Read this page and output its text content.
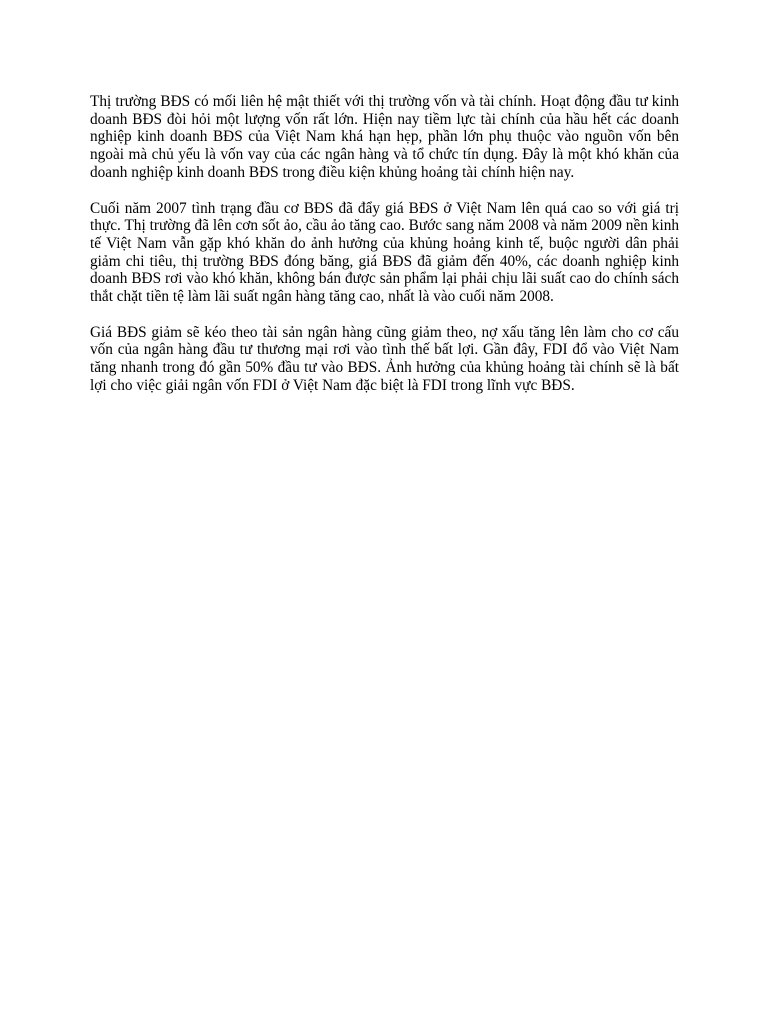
Thị trường BĐS có mối liên hệ mật thiết với thị trường vốn và tài chính. Hoạt động đầu tư kinh doanh BĐS đòi hỏi một lượng vốn rất lớn. Hiện nay tiềm lực tài chính của hầu hết các doanh nghiệp kinh doanh BĐS của Việt Nam khá hạn hẹp, phần lớn phụ thuộc vào nguồn vốn bên ngoài mà chủ yếu là vốn vay của các ngân hàng và tổ chức tín dụng. Đây là một khó khăn của doanh nghiệp kinh doanh BĐS trong điều kiện khủng hoảng tài chính hiện nay.

Cuối năm 2007 tình trạng đầu cơ BĐS đã đẩy giá BĐS ở Việt Nam lên quá cao so với giá trị thực. Thị trường đã lên cơn sốt ảo, cầu ảo tăng cao. Bước sang năm 2008 và năm 2009 nền kinh tế Việt Nam vẫn gặp khó khăn do ảnh hưởng của khủng hoảng kinh tế, buộc người dân phải giảm chi tiêu, thị trường BĐS đóng băng, giá BĐS đã giảm đến 40%, các doanh nghiệp kinh doanh BĐS rơi vào khó khăn, không bán được sản phẩm lại phải chịu lãi suất cao do chính sách thắt chặt tiền tệ làm lãi suất ngân hàng tăng cao, nhất là vào cuối năm 2008.

Giá BĐS giảm sẽ kéo theo tài sản ngân hàng cũng giảm theo, nợ xấu tăng lên làm cho cơ cấu vốn của ngân hàng đầu tư thương mại rơi vào tình thế bất lợi. Gần đây, FDI đổ vào Việt Nam tăng nhanh trong đó gần 50% đầu tư vào BĐS. Ảnh hưởng của khủng hoảng tài chính sẽ là bất lợi cho việc giải ngân vốn FDI ở Việt Nam đặc biệt là FDI trong lĩnh vực BĐS.
